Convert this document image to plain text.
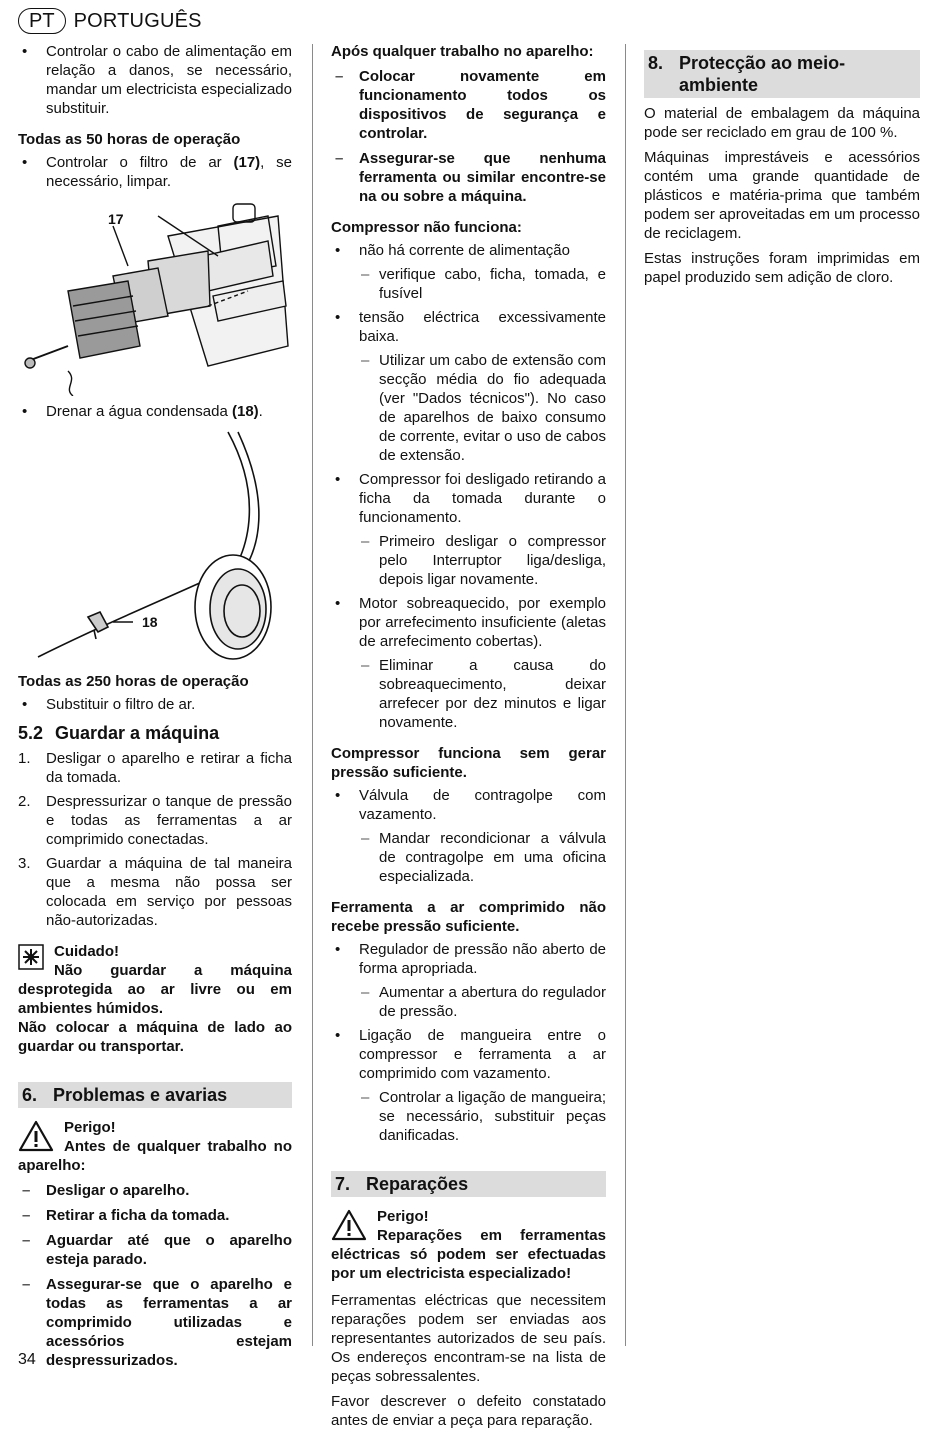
PT PORTUGUÊS
• Controlar o cabo de alimentação em relação a danos, se necessário, mandar um electricista especializado substituir.

Todas as 50 horas de operação

• Controlar o filtro de ar (17), se necessário, limpar.
17
• Drenar a água condensada (18).
18

Todas as 250 horas de operação

• Substituir o filtro de ar.
5.2 Guardar a máquina
1. Desligar o aparelho e retirar a ficha da tomada.
2. Despressurizar o tanque de pressão e todas as ferramentas a ar comprimido conectadas.
3. Guardar a máquina de tal maneira que a mesma não possa ser colocada em serviço por pessoas não-autorizadas.

Cuidado!

Não guardar a máquina desprotegida ao ar livre ou em ambientes húmidos.

Não colocar a máquina de lado ao guardar ou transportar.

6. Problemas e avarias

Perigo!

Antes de qualquer trabalho no aparelho:

– Desligar o aparelho.
– Retirar a ficha da tomada.
– Aguardar até que o aparelho esteja parado.
– Assegurar-se que o aparelho e todas as ferramentas a ar comprimido utilizadas e acessórios estejam despressurizados.

Após qualquer trabalho no aparelho:

– Colocar novamente em funcionamento todos os dispositivos de segurança e controlar.
– Assegurar-se que nenhuma ferramenta ou similar encontre-se na ou sobre a máquina.

Compressor não funciona:

• não há corrente de alimentação
– verifique cabo, ficha, tomada, e fusível
• tensão eléctrica excessivamente baixa.
– Utilizar um cabo de extensão com secção média do fio adequada (ver "Dados técnicos"). No caso de aparelhos de baixo consumo de corrente, evitar o uso de cabos de extensão.
• Compressor foi desligado retirando a ficha da tomada durante o funcionamento.
– Primeiro desligar o compressor pelo Interruptor liga/desliga, depois ligar novamente.
• Motor sobreaquecido, por exemplo por arrefecimento insuficiente (aletas de arrefecimento cobertas).
– Eliminar a causa do sobreaquecimento, deixar arrefecer por dez minutos e ligar novamente.

Compressor funciona sem gerar pressão suficiente.

• Válvula de contragolpe com vazamento.
– Mandar recondicionar a válvula de contragolpe em uma oficina especializada.

Ferramenta a ar comprimido não recebe pressão suficiente.

• Regulador de pressão não aberto de forma apropriada.
– Aumentar a abertura do regulador de pressão.
• Ligação de mangueira entre o compressor e ferramenta a ar comprimido com vazamento.
– Controlar a ligação de mangueira; se necessário, substituir peças danificadas.
7. Reparações

Perigo!

Reparações em ferramentas eléctricas só podem ser efectuadas por um electricista especializado!

Ferramentas eléctricas que necessitem reparações podem ser enviadas aos representantes autorizados de seu país. Os endereços encontram-se na lista de peças sobressalentes.

Favor descrever o defeito constatado antes de enviar a peça para reparação.

8. Protecção ao meio-ambiente

O material de embalagem da máquina pode ser reciclado em grau de 100 %.

Máquinas imprestáveis e acessórios contém uma grande quantidade de plásticos e matéria-prima que também podem ser aproveitadas em um processo de reciclagem.

Estas instruções foram imprimidas em papel produzido sem adição de cloro.

34
